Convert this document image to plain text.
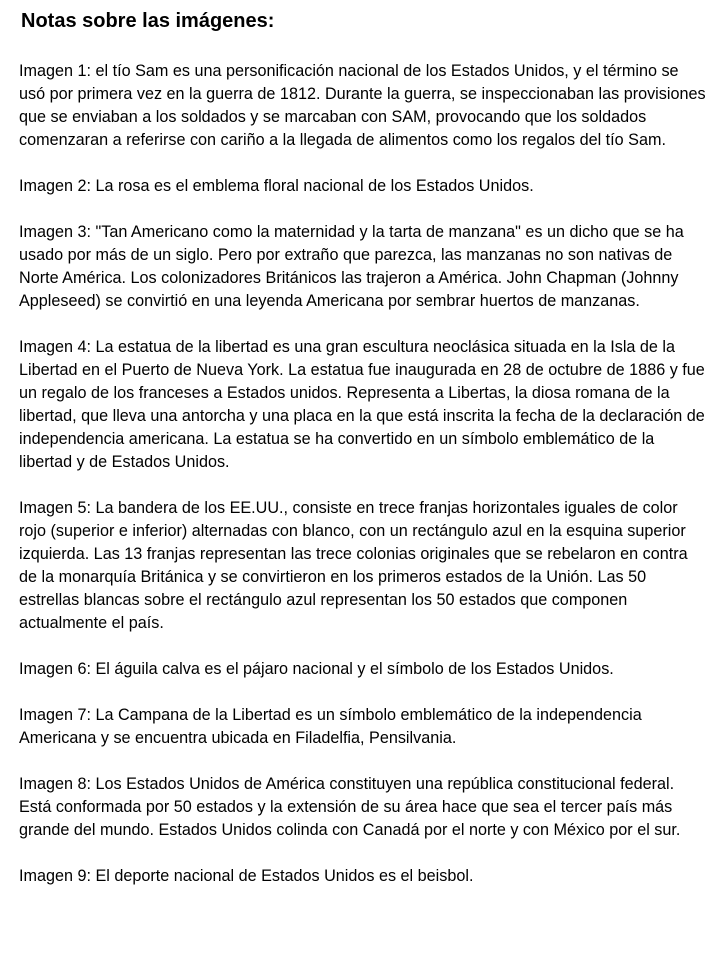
Notas sobre las imágenes:

Imagen 1: el tío Sam es una personificación nacional de los Estados Unidos, y el término se usó por primera vez en la guerra de 1812. Durante la guerra, se inspeccionaban las provisiones que se enviaban a los soldados y se marcaban con SAM, provocando que los soldados comenzaran a referirse con cariño a la llegada de alimentos como los regalos del tío Sam.

Imagen 2: La rosa es el emblema floral nacional de los Estados Unidos.

Imagen 3: "Tan Americano como la maternidad y la tarta de manzana" es un dicho que se ha usado por más de un siglo. Pero por extraño que parezca, las manzanas no son nativas de Norte América. Los colonizadores Británicos las trajeron a América. John Chapman (Johnny Appleseed) se convirtió en una leyenda Americana por sembrar huertos de manzanas.

Imagen 4: La estatua de la libertad es una gran escultura neoclásica situada en la Isla de la Libertad en el Puerto de Nueva York. La estatua fue inaugurada en 28 de octubre de 1886 y fue un regalo de los franceses a Estados unidos. Representa a Libertas, la diosa romana de la libertad, que lleva una antorcha y una placa en la que está inscrita la fecha de la declaración de independencia americana. La estatua se ha convertido en un símbolo emblemático de la libertad y de Estados Unidos.

Imagen 5: La bandera de los EE.UU., consiste en trece franjas horizontales iguales de color rojo (superior e inferior) alternadas con blanco, con un rectángulo azul en la esquina superior izquierda. Las 13 franjas representan las trece colonias originales que se rebelaron en contra de la monarquía Británica y se convirtieron en los primeros estados de la Unión. Las 50 estrellas blancas sobre el rectángulo azul representan los 50 estados que componen actualmente el país.

Imagen 6: El águila calva es el pájaro nacional y el símbolo de los Estados Unidos.

Imagen 7: La Campana de la Libertad es un símbolo emblemático de la independencia Americana y se encuentra ubicada en Filadelfia, Pensilvania.

Imagen 8: Los Estados Unidos de América constituyen una república constitucional federal. Está conformada por 50 estados y la extensión de su área hace que sea el tercer país más grande del mundo. Estados Unidos colinda con Canadá por el norte y con México por el sur.

Imagen 9: El deporte nacional de Estados Unidos es el beisbol.
